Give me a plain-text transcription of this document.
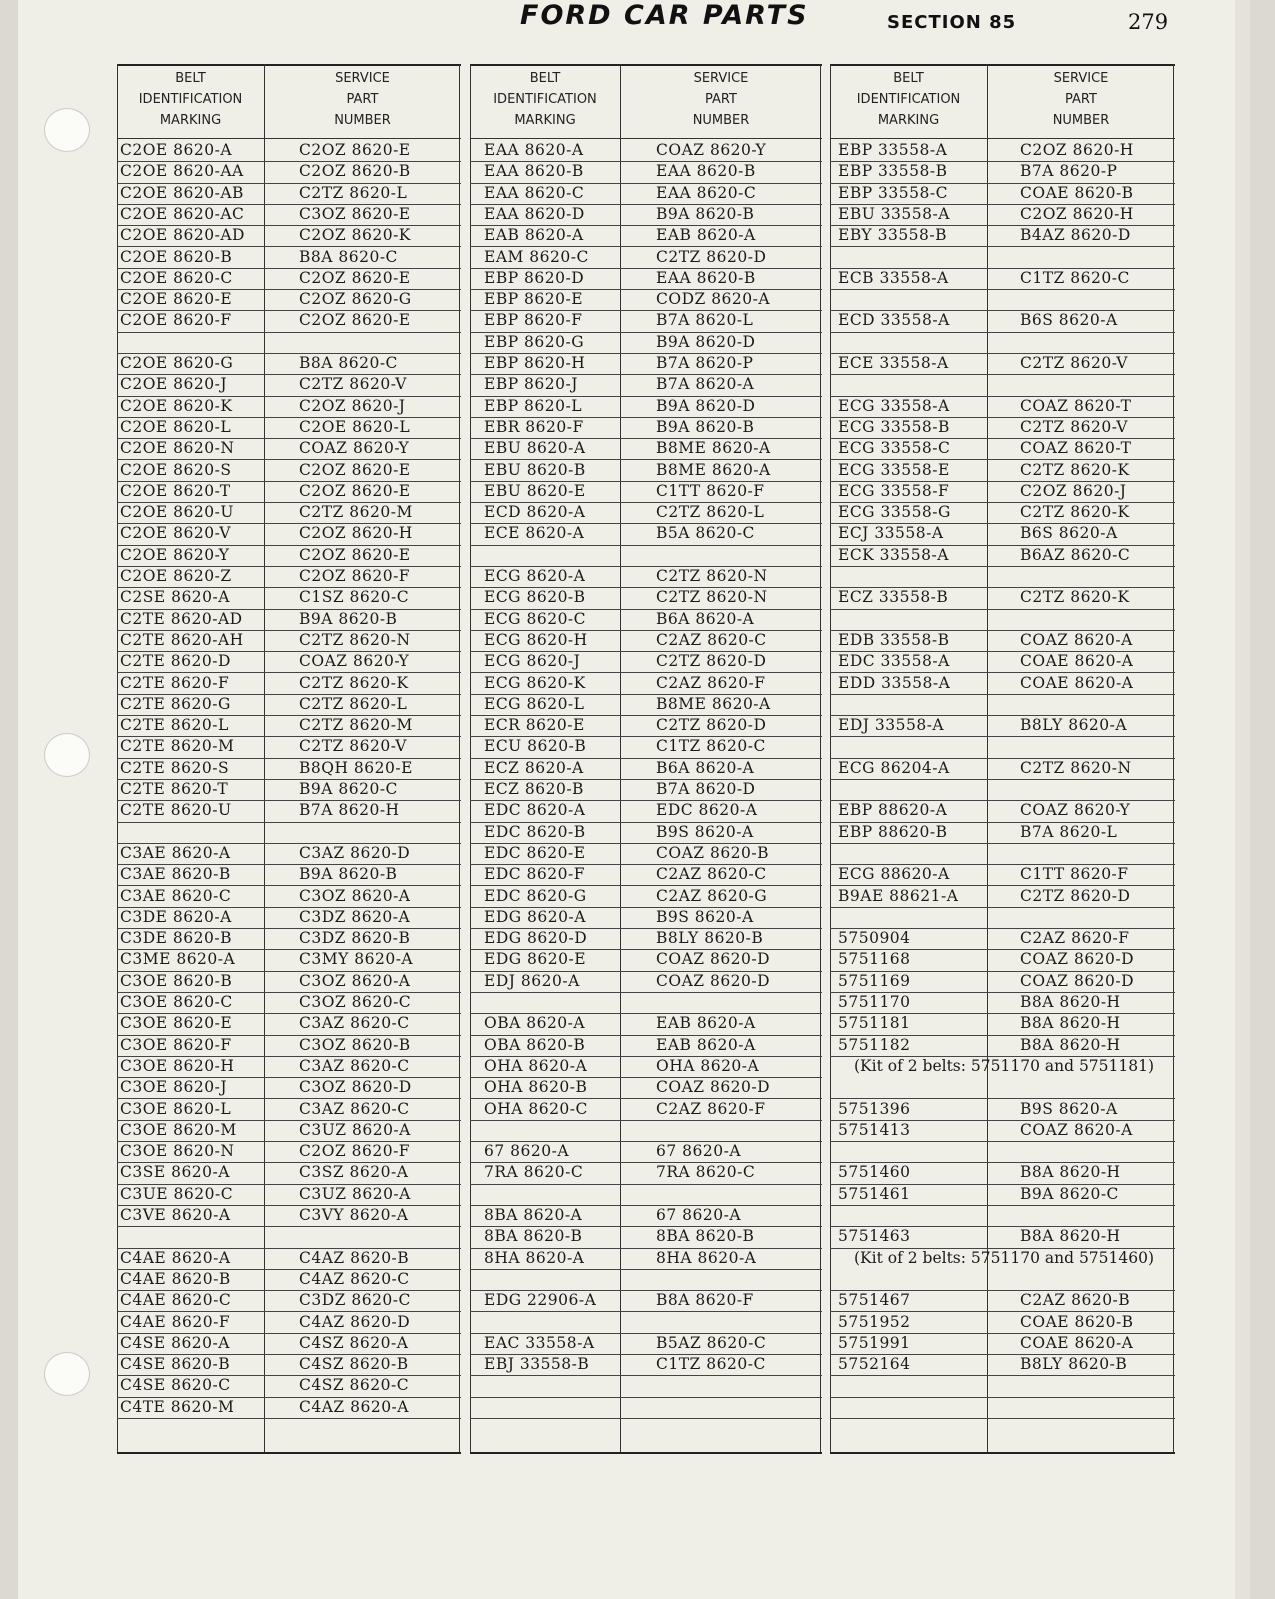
FORD CAR PARTS	SECTION 85	279
BELT
IDENTIFICATION
MARKING
SERVICE
PART
NUMBER
C2OE 8620-A	C2OZ 8620-E
C2OE 8620-AA	C2OZ 8620-B
C2OE 8620-AB	C2TZ 8620-L
C2OE 8620-AC	C3OZ 8620-E
C2OE 8620-AD	C2OZ 8620-K
C2OE 8620-B	B8A 8620-C
C2OE 8620-C	C2OZ 8620-E
C2OE 8620-E	C2OZ 8620-G
C2OE 8620-F	C2OZ 8620-E
C2OE 8620-G	B8A 8620-C
C2OE 8620-J	C2TZ 8620-V
C2OE 8620-K	C2OZ 8620-J
C2OE 8620-L	C2OE 8620-L
C2OE 8620-N	COAZ 8620-Y
C2OE 8620-S	C2OZ 8620-E
C2OE 8620-T	C2OZ 8620-E
C2OE 8620-U	C2TZ 8620-M
C2OE 8620-V	C2OZ 8620-H
C2OE 8620-Y	C2OZ 8620-E
C2OE 8620-Z	C2OZ 8620-F
C2SE 8620-A	C1SZ 8620-C
C2TE 8620-AD	B9A 8620-B
C2TE 8620-AH	C2TZ 8620-N
C2TE 8620-D	COAZ 8620-Y
C2TE 8620-F	C2TZ 8620-K
C2TE 8620-G	C2TZ 8620-L
C2TE 8620-L	C2TZ 8620-M
C2TE 8620-M	C2TZ 8620-V
C2TE 8620-S	B8QH 8620-E
C2TE 8620-T	B9A 8620-C
C2TE 8620-U	B7A 8620-H
C3AE 8620-A	C3AZ 8620-D
C3AE 8620-B	B9A 8620-B
C3AE 8620-C	C3OZ 8620-A
C3DE 8620-A	C3DZ 8620-A
C3DE 8620-B	C3DZ 8620-B
C3ME 8620-A	C3MY 8620-A
C3OE 8620-B	C3OZ 8620-A
C3OE 8620-C	C3OZ 8620-C
C3OE 8620-E	C3AZ 8620-C
C3OE 8620-F	C3OZ 8620-B
C3OE 8620-H	C3AZ 8620-C
C3OE 8620-J	C3OZ 8620-D
C3OE 8620-L	C3AZ 8620-C
C3OE 8620-M	C3UZ 8620-A
C3OE 8620-N	C2OZ 8620-F
C3SE 8620-A	C3SZ 8620-A
C3UE 8620-C	C3UZ 8620-A
C3VE 8620-A	C3VY 8620-A
C4AE 8620-A	C4AZ 8620-B
C4AE 8620-B	C4AZ 8620-C
C4AE 8620-C	C3DZ 8620-C
C4AE 8620-F	C4AZ 8620-D
C4SE 8620-A	C4SZ 8620-A
C4SE 8620-B	C4SZ 8620-B
C4SE 8620-C	C4SZ 8620-C
C4TE 8620-M	C4AZ 8620-A
BELT
IDENTIFICATION
MARKING
SERVICE
PART
NUMBER
EAA 8620-A	COAZ 8620-Y
EAA 8620-B	EAA 8620-B
EAA 8620-C	EAA 8620-C
EAA 8620-D	B9A 8620-B
EAB 8620-A	EAB 8620-A
EAM 8620-C	C2TZ 8620-D
EBP 8620-D	EAA 8620-B
EBP 8620-E	CODZ 8620-A
EBP 8620-F	B7A 8620-L
EBP 8620-G	B9A 8620-D
EBP 8620-H	B7A 8620-P
EBP 8620-J	B7A 8620-A
EBP 8620-L	B9A 8620-D
EBR 8620-F	B9A 8620-B
EBU 8620-A	B8ME 8620-A
EBU 8620-B	B8ME 8620-A
EBU 8620-E	C1TT 8620-F
ECD 8620-A	C2TZ 8620-L
ECE 8620-A	B5A 8620-C
ECG 8620-A	C2TZ 8620-N
ECG 8620-B	C2TZ 8620-N
ECG 8620-C	B6A 8620-A
ECG 8620-H	C2AZ 8620-C
ECG 8620-J	C2TZ 8620-D
ECG 8620-K	C2AZ 8620-F
ECG 8620-L	B8ME 8620-A
ECR 8620-E	C2TZ 8620-D
ECU 8620-B	C1TZ 8620-C
ECZ 8620-A	B6A 8620-A
ECZ 8620-B	B7A 8620-D
EDC 8620-A	EDC 8620-A
EDC 8620-B	B9S 8620-A
EDC 8620-E	COAZ 8620-B
EDC 8620-F	C2AZ 8620-C
EDC 8620-G	C2AZ 8620-G
EDG 8620-A	B9S 8620-A
EDG 8620-D	B8LY 8620-B
EDG 8620-E	COAZ 8620-D
EDJ 8620-A	COAZ 8620-D
OBA 8620-A	EAB 8620-A
OBA 8620-B	EAB 8620-A
OHA 8620-A	OHA 8620-A
OHA 8620-B	COAZ 8620-D
OHA 8620-C	C2AZ 8620-F
67 8620-A	67 8620-A
7RA 8620-C	7RA 8620-C
8BA 8620-A	67 8620-A
8BA 8620-B	8BA 8620-B
8HA 8620-A	8HA 8620-A
EDG 22906-A	B8A 8620-F
EAC 33558-A	B5AZ 8620-C
EBJ 33558-B	C1TZ 8620-C
BELT
IDENTIFICATION
MARKING
SERVICE
PART
NUMBER
EBP 33558-A	C2OZ 8620-H
EBP 33558-B	B7A 8620-P
EBP 33558-C	COAE 8620-B
EBU 33558-A	C2OZ 8620-H
EBY 33558-B	B4AZ 8620-D
ECB 33558-A	C1TZ 8620-C
ECD 33558-A	B6S 8620-A
ECE 33558-A	C2TZ 8620-V
ECG 33558-A	COAZ 8620-T
ECG 33558-B	C2TZ 8620-V
ECG 33558-C	COAZ 8620-T
ECG 33558-E	C2TZ 8620-K
ECG 33558-F	C2OZ 8620-J
ECG 33558-G	C2TZ 8620-K
ECJ 33558-A	B6S 8620-A
ECK 33558-A	B6AZ 8620-C
ECZ 33558-B	C2TZ 8620-K
EDB 33558-B	COAZ 8620-A
EDC 33558-A	COAE 8620-A
EDD 33558-A	COAE 8620-A
EDJ 33558-A	B8LY 8620-A
ECG 86204-A	C2TZ 8620-N
EBP 88620-A	COAZ 8620-Y
EBP 88620-B	B7A 8620-L
ECG 88620-A	C1TT 8620-F
B9AE 88621-A	C2TZ 8620-D
5750904	C2AZ 8620-F
5751168	COAZ 8620-D
5751169	COAZ 8620-D
5751170	B8A 8620-H
5751181	B8A 8620-H
5751182	B8A 8620-H
(Kit of 2 belts: 5751170 and 5751181)
5751396	B9S 8620-A
5751413	COAZ 8620-A
5751460	B8A 8620-H
5751461	B9A 8620-C
5751463	B8A 8620-H
(Kit of 2 belts: 5751170 and 5751460)
5751467	C2AZ 8620-B
5751952	COAE 8620-B
5751991	COAE 8620-A
5752164	B8LY 8620-B
